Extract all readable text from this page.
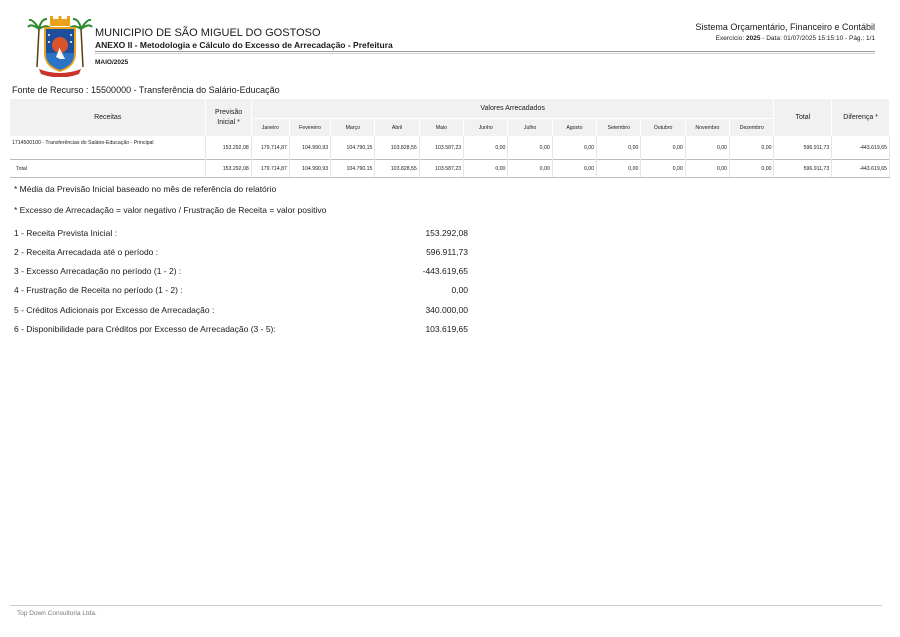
MUNICIPIO DE SÃO MIGUEL DO GOSTOSO
ANEXO II - Metodologia e Cálculo do Excesso de Arrecadação - Prefeitura
MAIO/2025
Sistema Orçamentário, Financeiro e Contábil
Exercício: 2025 - Data: 01/07/2025 15:15:10 - Pág.: 1/1
Fonte de Recurso : 15500000 - Transferência do Salário-Educação
Receitas	Previsão Inicial *	Valores Arrecadados												Total	Diferença *
		Janeiro	Fevereiro	Março	Abril	Maio	Junho	Julho	Agosto	Setembro	Outubro	Novembro	Dezembro		
1714500100 - Transferências do Salário-Educação - Principal	153.292,08	179.714,87	104.990,93	104.790,15	103.828,55	103.587,23	0,00	0,00	0,00	0,00	0,00	0,00	0,00	596.911,73	-443.619,65
Total	153.292,08	179.714,87	104.990,93	104.790,15	103.828,55	103.587,23	0,00	0,00	0,00	0,00	0,00	0,00	0,00	596.911,73	-443.619,65
* Média da Previsão Inicial baseado no mês de referência do relatório
* Excesso de Arrecadação = valor negativo / Frustração de Receita = valor positivo
1 - Receita Prevista Inicial :	153.292,08
2 - Receita Arrecadada até o período :	596.911,73
3 - Excesso Arrecadação no período (1 - 2) :	-443.619,65
4 - Frustração de Receita no período (1 - 2) :	0,00
5 - Créditos Adicionais por Excesso de Arrecadação :	340.000,00
6 - Disponibilidade para Créditos por Excesso de Arrecadação (3 - 5):	103.619,65
Top Down Consultoria Ltda.
